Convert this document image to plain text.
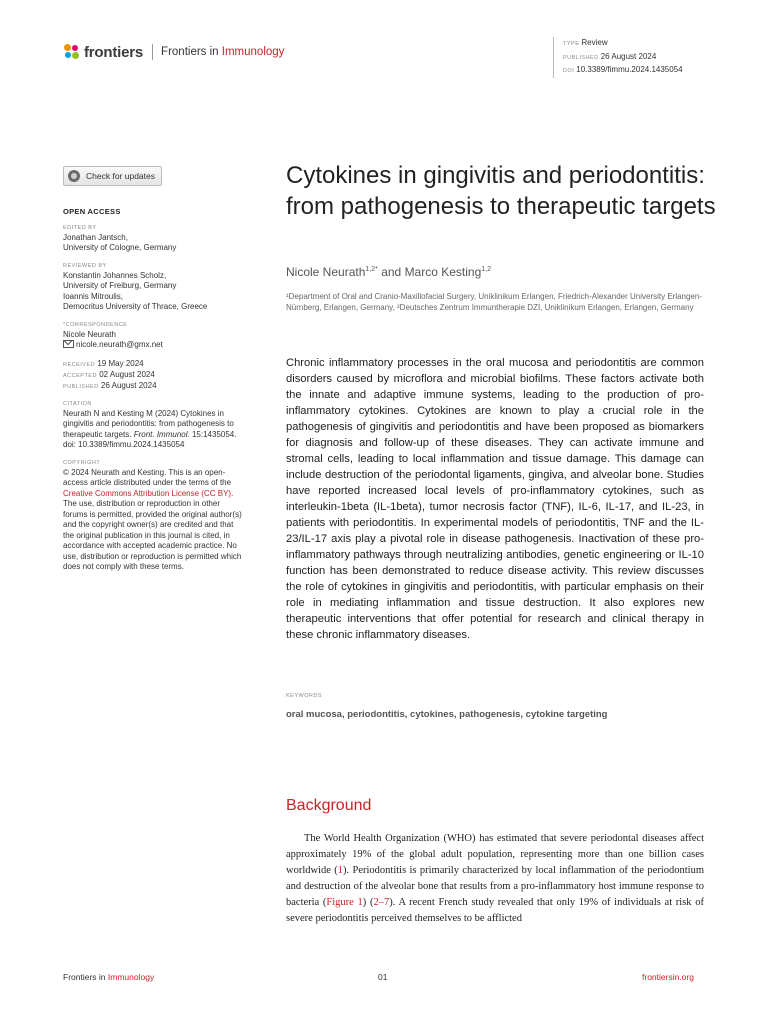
frontiers Frontiers in Immunology
TYPE Review
PUBLISHED 26 August 2024
DOI 10.3389/fimmu.2024.1435054
Check for updates
OPEN ACCESS
EDITED BY
Jonathan Jantsch,
University of Cologne, Germany
REVIEWED BY
Konstantin Johannes Scholz,
University of Freiburg, Germany
Ioannis Mitroulis,
Democritus University of Thrace, Greece
*CORRESPONDENCE
Nicole Neurath
nicole.neurath@gmx.net
RECEIVED 19 May 2024
ACCEPTED 02 August 2024
PUBLISHED 26 August 2024
CITATION
Neurath N and Kesting M (2024) Cytokines in gingivitis and periodontitis: from pathogenesis to therapeutic targets. Front. Immunol. 15:1435054.
doi: 10.3389/fimmu.2024.1435054
COPYRIGHT
© 2024 Neurath and Kesting. This is an open-access article distributed under the terms of the Creative Commons Attribution License (CC BY). The use, distribution or reproduction in other forums is permitted, provided the original author(s) and the copyright owner(s) are credited and that the original publication in this journal is cited, in accordance with accepted academic practice. No use, distribution or reproduction is permitted which does not comply with these terms.
Cytokines in gingivitis and periodontitis: from pathogenesis to therapeutic targets
Nicole Neurath$^{1,2*}$ and Marco Kesting$^{1,2}$
¹Department of Oral and Cranio-Maxillofacial Surgery, Uniklinikum Erlangen, Friedrich-Alexander University Erlangen-Nürnberg, Erlangen, Germany, ²Deutsches Zentrum Immuntherapie DZI, Uniklinikum Erlangen, Erlangen, Germany
Chronic inflammatory processes in the oral mucosa and periodontitis are common disorders caused by microflora and microbial biofilms. These factors activate both the innate and adaptive immune systems, leading to the production of pro-inflammatory cytokines. Cytokines are known to play a crucial role in the pathogenesis of gingivitis and periodontitis and have been proposed as biomarkers for diagnosis and follow-up of these diseases. They can activate immune and stromal cells, leading to local inflammation and tissue damage. This damage can include destruction of the periodontal ligaments, gingiva, and alveolar bone. Studies have reported increased local levels of pro-inflammatory cytokines, such as interleukin-1beta (IL-1beta), tumor necrosis factor (TNF), IL-6, IL-17, and IL-23, in patients with periodontitis. In experimental models of periodontitis, TNF and the IL-23/IL-17 axis play a pivotal role in disease pathogenesis. Inactivation of these pro-inflammatory pathways through neutralizing antibodies, genetic engineering or IL-10 function has been demonstrated to reduce disease activity. This review discusses the role of cytokines in gingivitis and periodontitis, with particular emphasis on their role in mediating inflammation and tissue destruction. It also explores new therapeutic interventions that offer potential for research and clinical therapy in these chronic inflammatory diseases.
KEYWORDS
oral mucosa, periodontitis, cytokines, pathogenesis, cytokine targeting
Background
The World Health Organization (WHO) has estimated that severe periodontal diseases affect approximately 19% of the global adult population, representing more than one billion cases worldwide (1). Periodontitis is primarily characterized by local inflammation of the periodontium and destruction of the alveolar bone that results from a pro-inflammatory host immune response to bacteria (Figure 1) (2–7). A recent French study revealed that only 19% of individuals at risk of severe periodontitis perceived themselves to be afflicted
Frontiers in Immunology	01	frontiersin.org
